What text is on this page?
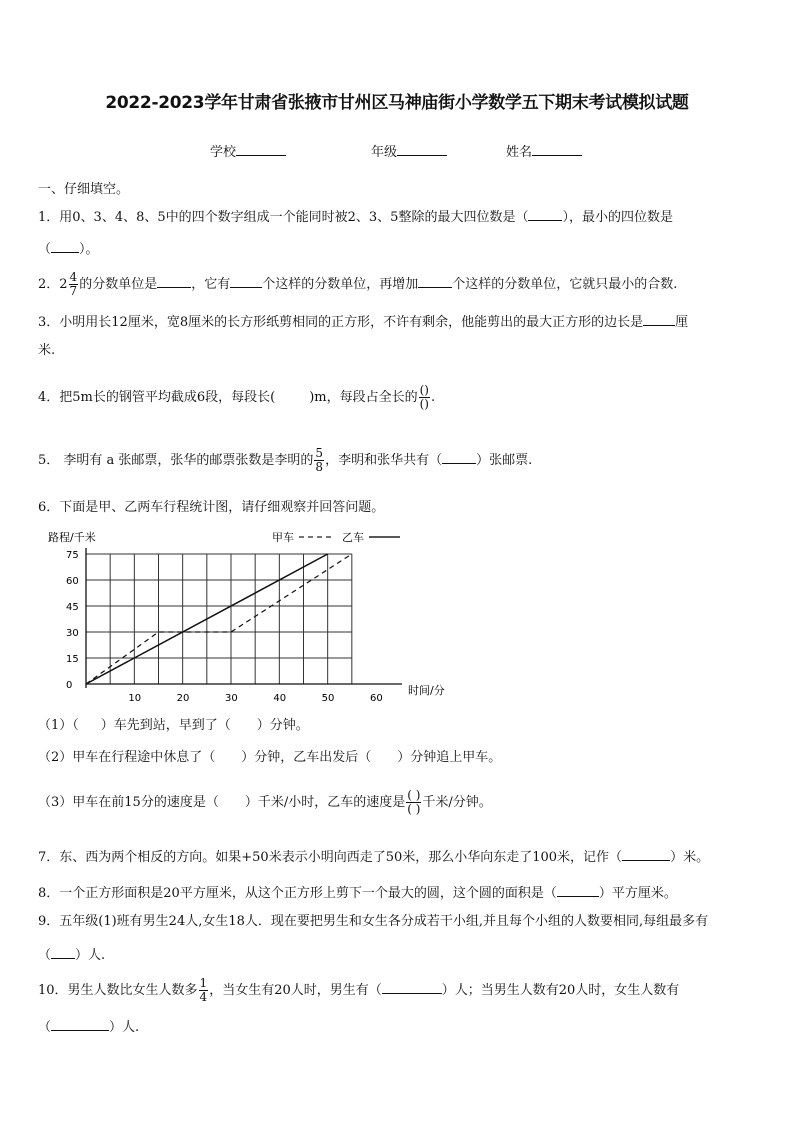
2022-2023学年甘肃省张掖市甘州区马神庙街小学数学五下期末考试模拟试题
学校	年级	姓名
一、仔细填空。
1．用0、3、4、8、5中的四个数字组成一个能同时被2、3、5整除的最大四位数是（	），最小的四位数是
（ ）。
2．$2 \frac{4}{7}$ 的分数单位是	，它有 个这样的分数单位，再增加	个这样的分数单位，它就只最小的合数.
3．小明用长12厘米，宽8厘米的长方形纸剪相同的正方形，不许有剩余，他能剪出的最大正方形的边长是 厘
米.
4．把5m长的钢管平均截成6段，每段长(	)m，每段占全长的 $\frac{()}{()}$ .
5． 李明有 a 张邮票，张华的邮票张数是李明的 $\frac{5}{8}$ ，李明和张华共有（	）张邮票.
6．下面是甲、乙两车行程统计图，请仔细观察并回答问题。
75
60
45
30
15
0
10	20	30	40	50	60
路程/千米
时间/分
甲车	乙车
（1）（ ）车先到站，早到了（ ）分钟。
（2）甲车在行程途中休息了（ ）分钟，乙车出发后（ ）分钟追上甲车。
（3）甲车在前15分的速度是（ ）千米/小时，乙车的速度是 $\frac{( )}{( )}$ 千米/分钟。
7．东、西为两个相反的方向。如果+50米表示小明向西走了50米，那么小华向东走了100米，记作（	）米。
8．一个正方形面积是20平方厘米，从这个正方形上剪下一个最大的圆，这个圆的面积是（	）平方厘米。
9．五年级(1)班有男生24人,女生18人．现在要把男生和女生各分成若干小组,并且每个小组的人数要相同,每组最多有
（ ）人.
10．男生人数比女生人数多 $\frac{1}{4}$ ，当女生有20人时，男生有（	）人；当男生人数有20人时，女生人数有
（	）人.
